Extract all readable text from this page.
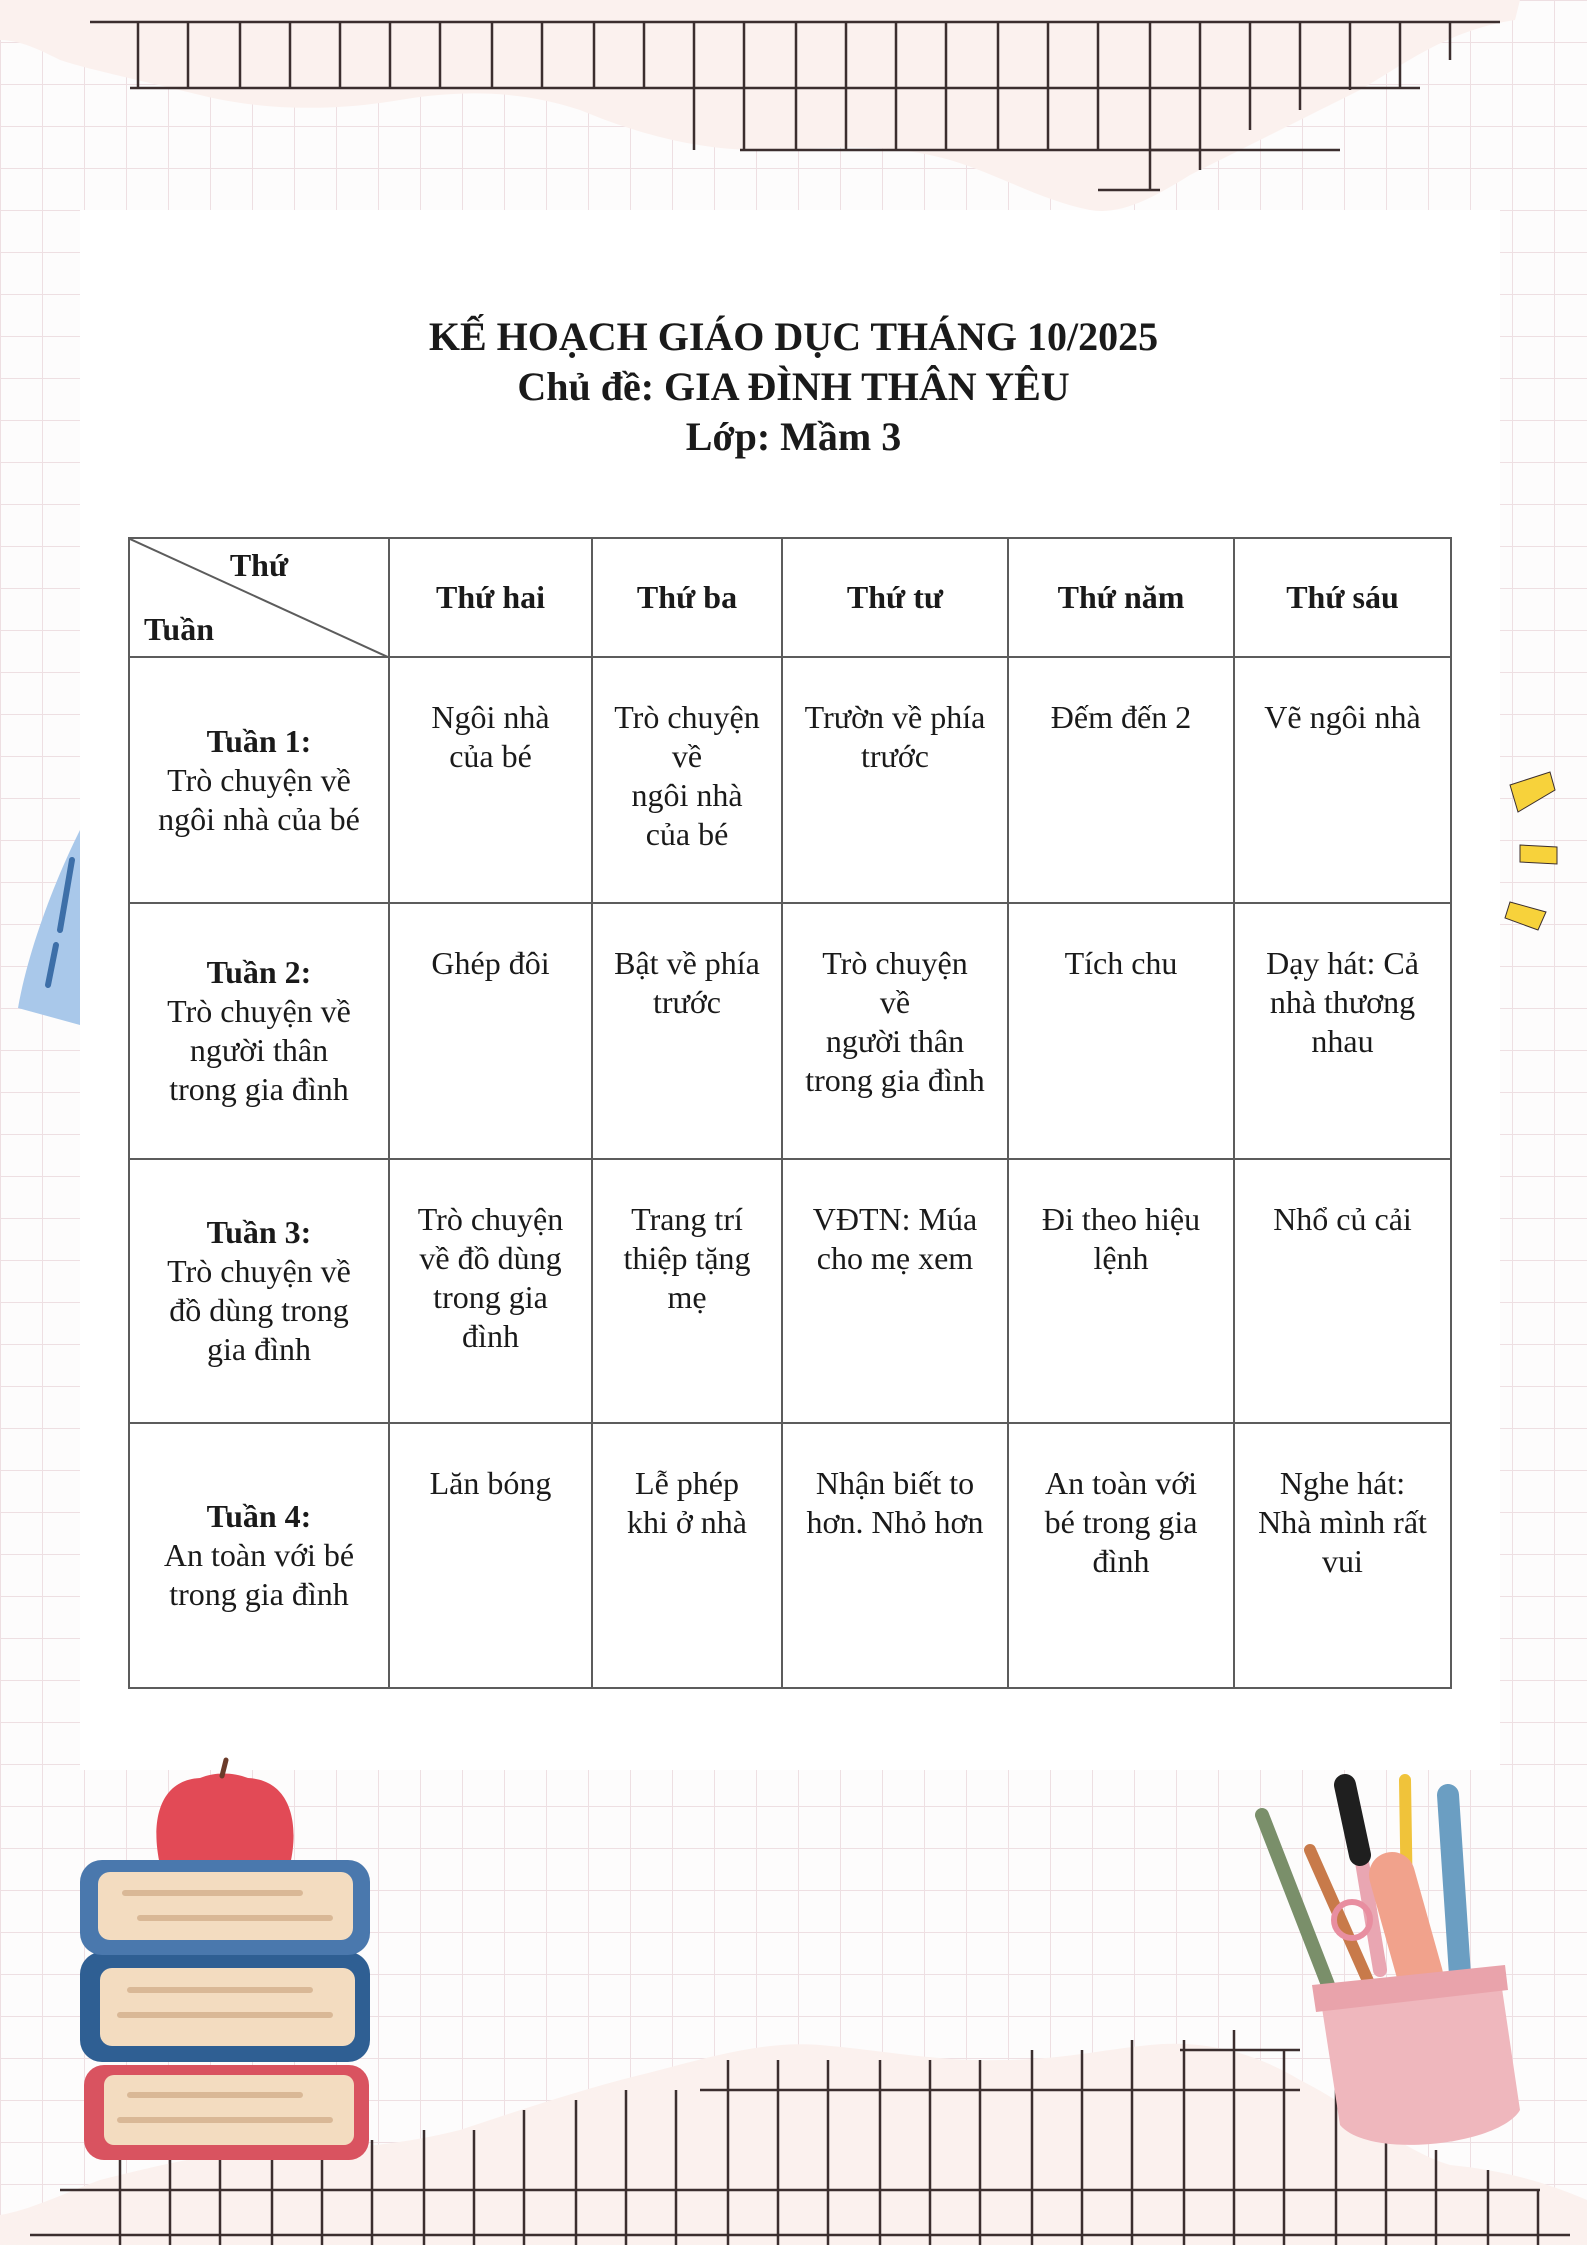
KẾ HOẠCH GIÁO DỤC THÁNG 10/2025
Chủ đề: GIA ĐÌNH THÂN YÊU
Lớp: Mầm 3
Thứ
Tuần	Thứ hai	Thứ ba	Thứ tư	Thứ năm	Thứ sáu

Tuần 1:
Trò chuyện về
ngôi nhà của bé	Ngôi nhà
của bé	Trò chuyện
về
ngôi nhà
của bé	Trườn về phía
trước	Đếm đến 2	Vẽ ngôi nhà

Tuần 2:
Trò chuyện về
người thân
trong gia đình	Ghép đôi	Bật về phía
trước	Trò chuyện
về
người thân
trong gia đình	Tích chu	Dạy hát: Cả
nhà thương
nhau

Tuần 3:
Trò chuyện về
đồ dùng trong
gia đình	Trò chuyện
về đồ dùng
trong gia
đình	Trang trí
thiệp tặng
mẹ	VĐTN: Múa
cho mẹ xem	Đi theo hiệu
lệnh	Nhổ củ cải

Tuần 4:
An toàn với bé
trong gia đình	Lăn bóng	Lễ phép
khi ở nhà	Nhận biết to
hơn. Nhỏ hơn	An toàn với
bé trong gia
đình	Nghe hát:
Nhà mình rất
vui
